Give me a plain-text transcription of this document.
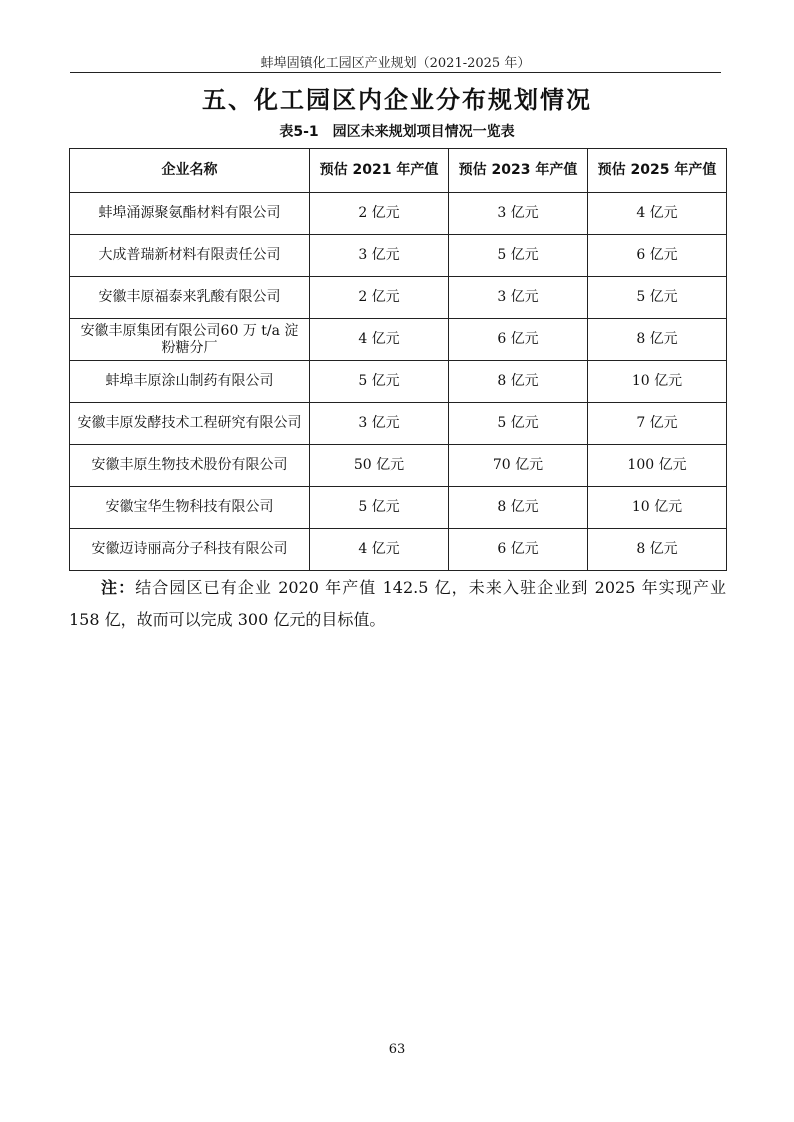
蚌埠固镇化工园区产业规划（2021-2025 年）
五、化工园区内企业分布规划情况
表5-1　园区未来规划项目情况一览表
企业名称	预估 2021 年产值	预估 2023 年产值	预估 2025 年产值
蚌埠涌源聚氨酯材料有限公司	2 亿元	3 亿元	4 亿元
大成普瑞新材料有限责任公司	3 亿元	5 亿元	6 亿元
安徽丰原福泰来乳酸有限公司	2 亿元	3 亿元	5 亿元
安徽丰原集团有限公司60 万 t/a 淀粉糖分厂	4 亿元	6 亿元	8 亿元
蚌埠丰原涂山制药有限公司	5 亿元	8 亿元	10 亿元
安徽丰原发酵技术工程研究有限公司	3 亿元	5 亿元	7 亿元
安徽丰原生物技术股份有限公司	50 亿元	70 亿元	100 亿元
安徽宝华生物科技有限公司	5 亿元	8 亿元	10 亿元
安徽迈诗丽高分子科技有限公司	4 亿元	6 亿元	8 亿元
注：结合园区已有企业 2020 年产值 142.5 亿，未来入驻企业到 2025 年实现产业 158 亿，故而可以完成 300 亿元的目标值。
63
